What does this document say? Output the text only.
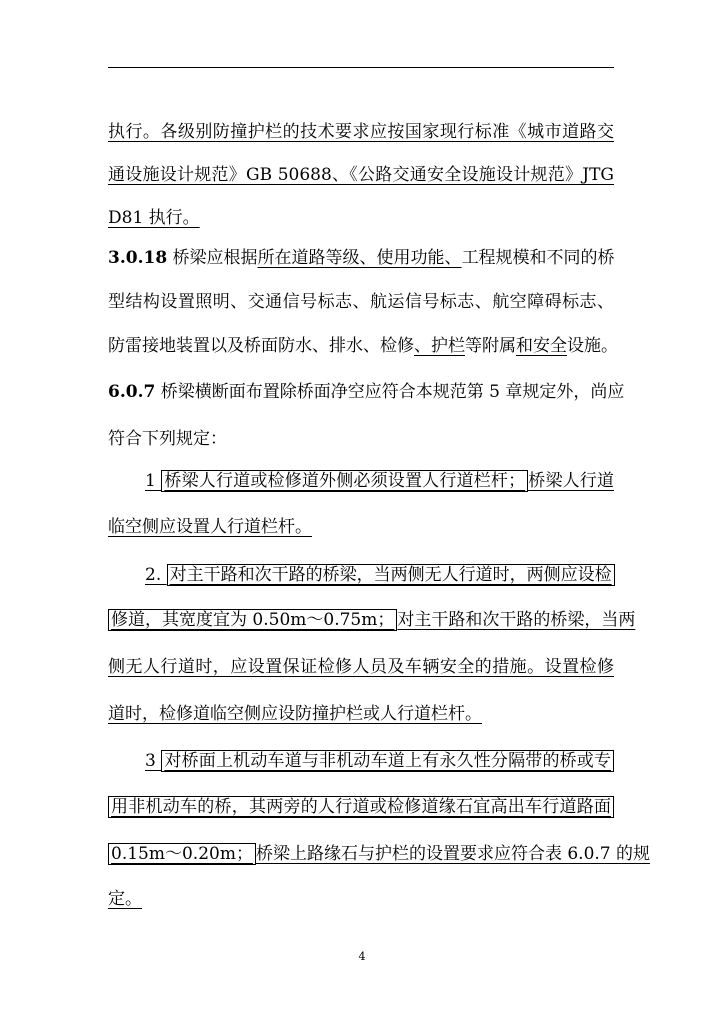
执行。各级别防撞护栏的技术要求应按国家现行标准《城市道路交
通设施设计规范》GB 50688、《公路交通安全设施设计规范》JTG
D81 执行。
3.0.18 桥梁应根据所在道路等级、使用功能、工程规模和不同的桥
型结构设置照明、交通信号标志、航运信号标志、航空障碍标志、
防雷接地装置以及桥面防水、排水、检修、护栏等附属和安全设施。
6.0.7 桥梁横断面布置除桥面净空应符合本规范第 5 章规定外，尚应
符合下列规定：
1 桥梁人行道或检修道外侧必须设置人行道栏杆； 桥梁人行道
临空侧应设置人行道栏杆。
2. 对主干路和次干路的桥梁，当两侧无人行道时，两侧应设检
修道，其宽度宜为 0.50m～0.75m； 对主干路和次干路的桥梁，当两
侧无人行道时，应设置保证检修人员及车辆安全的措施。设置检修
道时，检修道临空侧应设防撞护栏或人行道栏杆。
3 对桥面上机动车道与非机动车道上有永久性分隔带的桥或专
用非机动车的桥，其两旁的人行道或检修道缘石宜高出车行道路面
0.15m～0.20m； 桥梁上路缘石与护栏的设置要求应符合表 6.0.7 的规
定。
4
